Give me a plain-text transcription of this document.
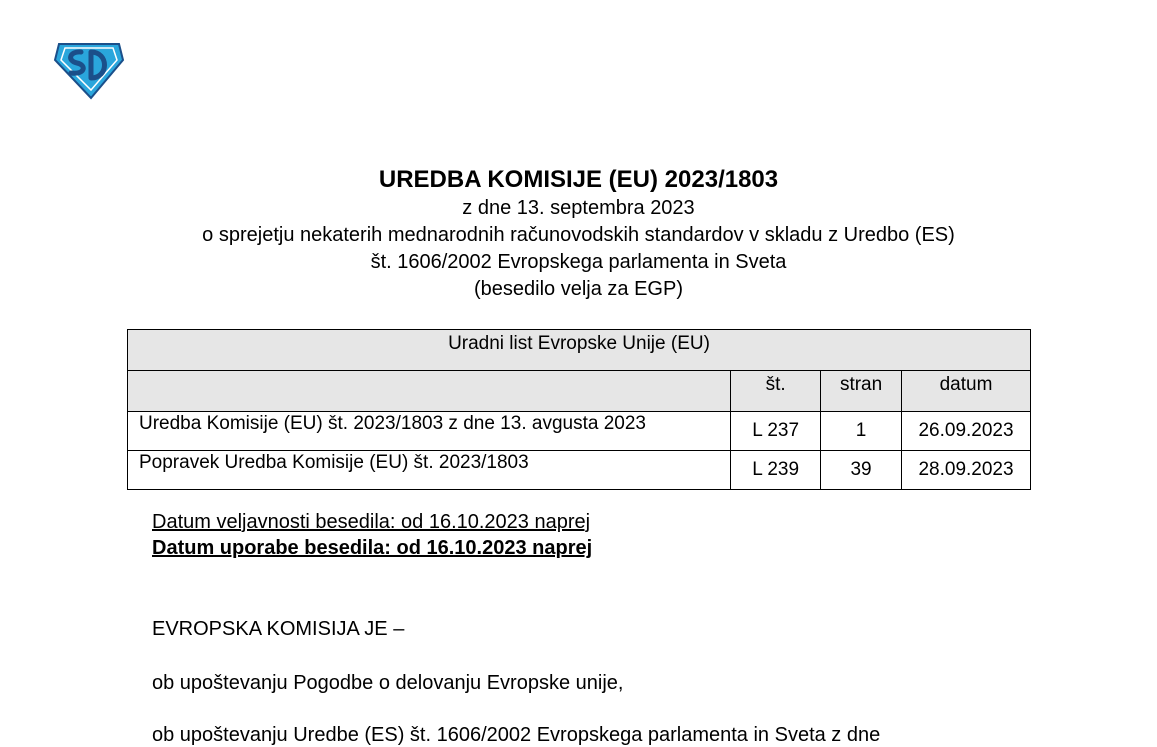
UREDBA KOMISIJE (EU) 2023/1803
z dne 13. septembra 2023
o sprejetju nekaterih mednarodnih računovodskih standardov v skladu z Uredbo (ES)
št. 1606/2002 Evropskega parlamenta in Sveta
(besedilo velja za EGP)
Uradni list Evropske Unije (EU)			
	št.	stran	datum
Uredba Komisije (EU) št. 2023/1803 z dne 13. avgusta 2023	L 237	1	26.09.2023
Popravek Uredba Komisije (EU) št. 2023/1803	L 239	39	28.09.2023
Datum veljavnosti besedila: od 16.10.2023 naprej
Datum uporabe besedila: od 16.10.2023 naprej
EVROPSKA KOMISIJA JE –
ob upoštevanju Pogodbe o delovanju Evropske unije,
ob upoštevanju Uredbe (ES) št. 1606/2002 Evropskega parlamenta in Sveta z dne
